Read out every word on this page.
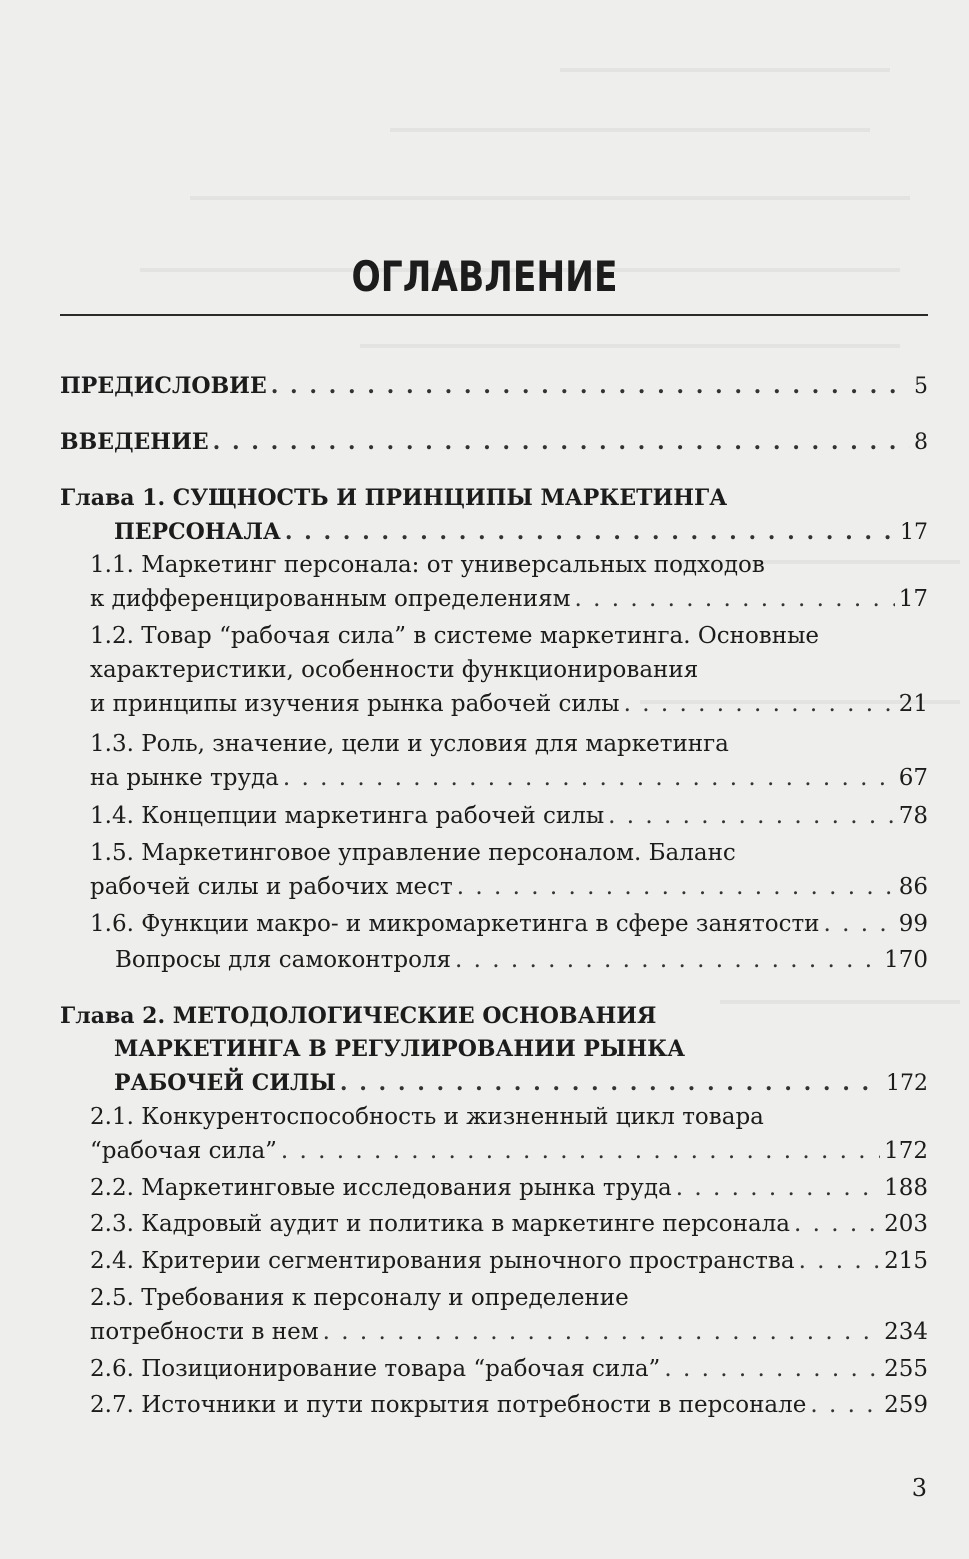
ОГЛАВЛЕНИЕ
ПРЕДИСЛОВИЕ . . .	5
ВВЕДЕНИЕ . . .	8
Глава 1. СУЩНОСТЬ И ПРИНЦИПЫ МАРКЕТИНГА
ПЕРСОНАЛА . . .	17
1.1. Маркетинг персонала: от универсальных подходов
к дифференцированным определениям . . .	17
1.2. Товар “рабочая сила” в системе маркетинга. Основные
характеристики, особенности функционирования
и принципы изучения рынка рабочей силы . . .	21
1.3. Роль, значение, цели и условия для маркетинга
на рынке труда . . .	67
1.4. Концепции маркетинга рабочей силы . . .	78
1.5. Маркетинговое управление персоналом. Баланс
рабочей силы и рабочих мест . . .	86
1.6. Функции макро- и микромаркетинга в сфере занятости . . .	99
Вопросы для самоконтроля . . .	170
Глава 2. МЕТОДОЛОГИЧЕСКИЕ ОСНОВАНИЯ
МАРКЕТИНГА В РЕГУЛИРОВАНИИ РЫНКА
РАБОЧЕЙ СИЛЫ . . .	172
2.1. Конкурентоспособность и жизненный цикл товара
“рабочая сила” . . .	172
2.2. Маркетинговые исследования рынка труда . . .	188
2.3. Кадровый аудит и политика в маркетинге персонала . . .	203
2.4. Критерии сегментирования рыночного пространства . . .	215
2.5. Требования к персоналу и определение
потребности в нем . . .	234
2.6. Позиционирование товара “рабочая сила” . . .	255
2.7. Источники и пути покрытия потребности в персонале . . .	259
3
